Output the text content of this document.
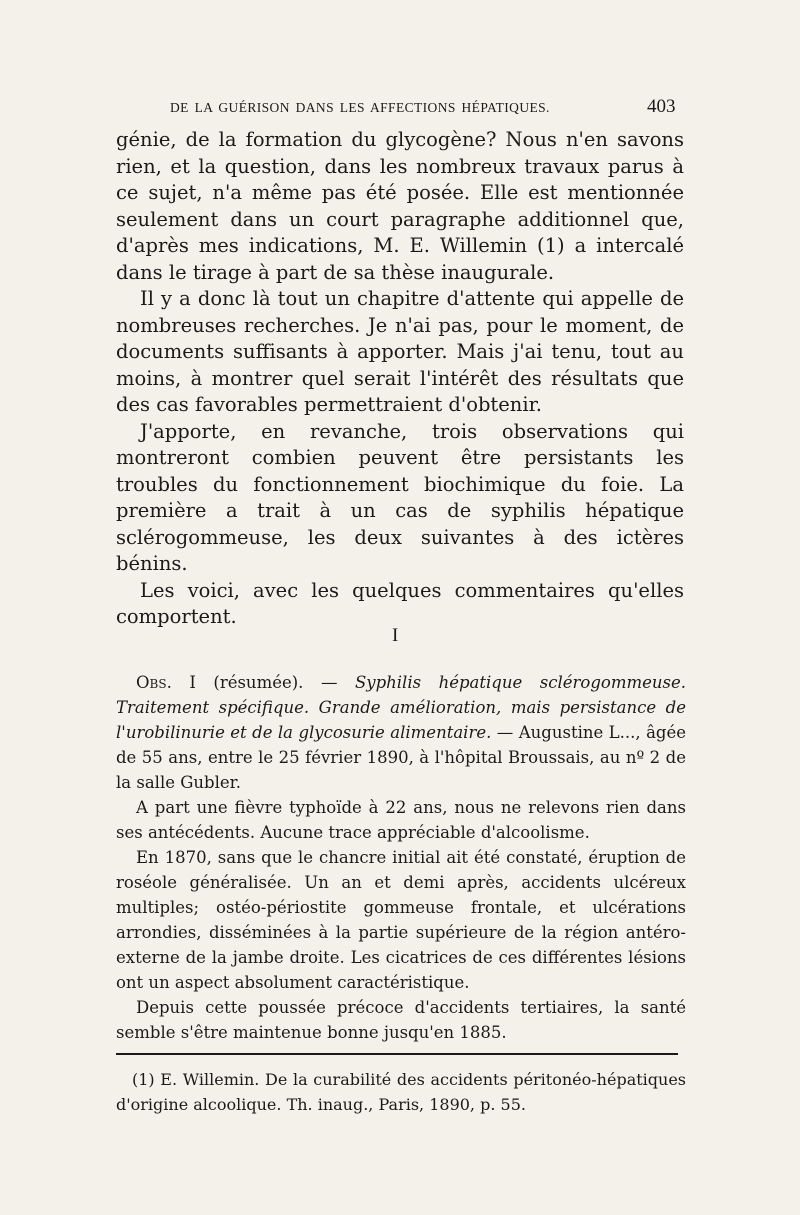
DE LA GUÉRISON DANS LES AFFECTIONS HÉPATIQUES.	403

génie, de la formation du glycogène? Nous n'en savons rien, et la question, dans les nombreux travaux parus à ce sujet, n'a même pas été posée. Elle est mentionnée seulement dans un court paragraphe additionnel que, d'après mes indications, M. E. Willemin (1) a intercalé dans le tirage à part de sa thèse inaugurale.

Il y a donc là tout un chapitre d'attente qui appelle de nombreuses recherches. Je n'ai pas, pour le moment, de documents suffisants à apporter. Mais j'ai tenu, tout au moins, à montrer quel serait l'intérêt des résultats que des cas favorables permettraient d'obtenir.

J'apporte, en revanche, trois observations qui montreront combien peuvent être persistants les troubles du fonctionnement biochimique du foie. La première a trait à un cas de syphilis hépatique sclérogommeuse, les deux suivantes à des ictères bénins.

Les voici, avec les quelques commentaires qu'elles comportent.

I

Obs. I (résumée). — Syphilis hépatique sclérogommeuse. Traitement spécifique. Grande amélioration, mais persistance de l'urobilinurie et de la glycosurie alimentaire. — Augustine L..., âgée de 55 ans, entre le 25 février 1890, à l'hôpital Broussais, au nº 2 de la salle Gubler.

A part une fièvre typhoïde à 22 ans, nous ne relevons rien dans ses antécédents. Aucune trace appréciable d'alcoolisme.

En 1870, sans que le chancre initial ait été constaté, éruption de roséole généralisée. Un an et demi après, accidents ulcéreux multiples; ostéo-périostite gommeuse frontale, et ulcérations arrondies, disséminées à la partie supérieure de la région antéro-externe de la jambe droite. Les cicatrices de ces différentes lésions ont un aspect absolument caractéristique.

Depuis cette poussée précoce d'accidents tertiaires, la santé semble s'être maintenue bonne jusqu'en 1885.

(1) E. Willemin. De la curabilité des accidents péritonéo-hépatiques d'origine alcoolique. Th. inaug., Paris, 1890, p. 55.
